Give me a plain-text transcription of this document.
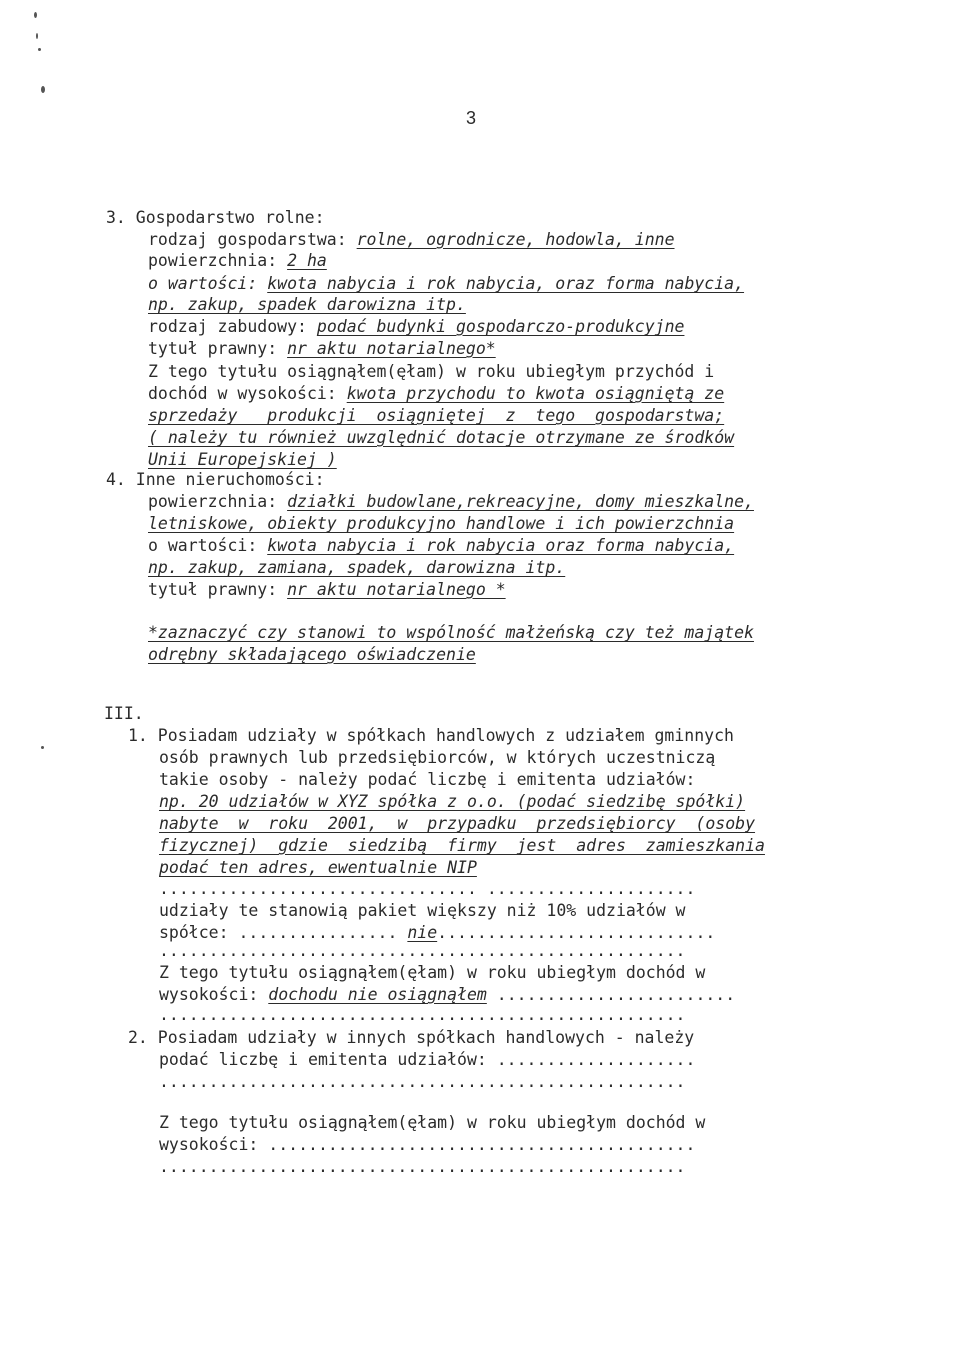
3
3. Gospodarstwo rolne:
rodzaj gospodarstwa: rolne, ogrodnicze, hodowla, inne
powierzchnia: 2 ha
o wartości: kwota nabycia i rok nabycia, oraz forma nabycia,
np. zakup, spadek darowizna itp.
rodzaj zabudowy: podać budynki gospodarczo-produkcyjne
tytuł prawny: nr aktu notarialnego*
Z tego tytułu osiągnąłem(ęłam) w roku ubiegłym przychód i
dochód w wysokości: kwota przychodu to kwota osiągniętą ze
sprzedaży   produkcji  osiągniętej  z  tego  gospodarstwa;
( należy tu również uwzględnić dotacje otrzymane ze środków
Unii Europejskiej )
4. Inne nieruchomości:
powierzchnia: działki budowlane,rekreacyjne, domy mieszkalne,
letniskowe, obiekty produkcyjno handlowe i ich powierzchnia
o wartości: kwota nabycia i rok nabycia oraz forma nabycia,
np. zakup, zamiana, spadek, darowizna itp.
tytuł prawny: nr aktu notarialnego *
*zaznaczyć czy stanowi to wspólność małżeńską czy też majątek
odrębny składającego oświadczenie
III.
1. Posiadam udziały w spółkach handlowych z udziałem gminnych
osób prawnych lub przedsiębiorców, w których uczestniczą
takie osoby - należy podać liczbę i emitenta udziałów:
np. 20 udziałów w XYZ spółka z o.o. (podać siedzibę spółki)
nabyte  w  roku  2001,  w  przypadku  przedsiębiorcy  (osoby
fizycznej)  gdzie  siedzibą  firmy  jest  adres  zamieszkania
podać ten adres, ewentualnie NIP
................................ .....................
udziały te stanowią pakiet większy niż 10% udziałów w
spółce: ................ nie............................
.....................................................
Z tego tytułu osiągnąłem(ęłam) w roku ubiegłym dochód w
wysokości: dochodu nie osiągnąłem ........................
.....................................................
2. Posiadam udziały w innych spółkach handlowych - należy
podać liczbę i emitenta udziałów: ....................
.....................................................
Z tego tytułu osiągnąłem(ęłam) w roku ubiegłym dochód w
wysokości: ...........................................
.....................................................
